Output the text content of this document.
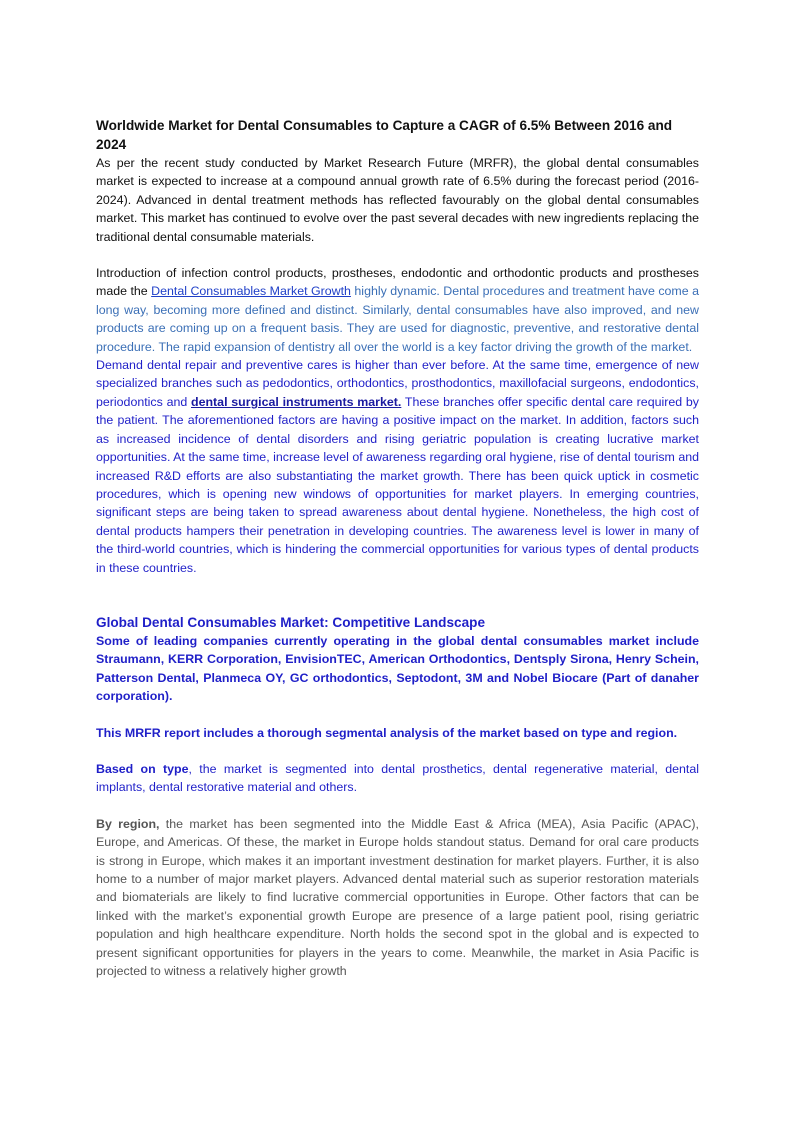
Worldwide Market for Dental Consumables to Capture a CAGR of 6.5% Between 2016 and 2024

As per the recent study conducted by Market Research Future (MRFR), the global dental consumables market is expected to increase at a compound annual growth rate of 6.5% during the forecast period (2016-2024). Advanced in dental treatment methods has reflected favourably on the global dental consumables market. This market has continued to evolve over the past several decades with new ingredients replacing the traditional dental consumable materials.

Introduction of infection control products, prostheses, endodontic and orthodontic products and prostheses made the Dental Consumables Market Growth highly dynamic. Dental procedures and treatment have come a long way, becoming more defined and distinct. Similarly, dental consumables have also improved, and new products are coming up on a frequent basis. They are used for diagnostic, preventive, and restorative dental procedure. The rapid expansion of dentistry all over the world is a key factor driving the growth of the market.

Demand dental repair and preventive cares is higher than ever before. At the same time, emergence of new specialized branches such as pedodontics, orthodontics, prosthodontics, maxillofacial surgeons, endodontics, periodontics and dental surgical instruments market. These branches offer specific dental care required by the patient. The aforementioned factors are having a positive impact on the market. In addition, factors such as increased incidence of dental disorders and rising geriatric population is creating lucrative market opportunities. At the same time, increase level of awareness regarding oral hygiene, rise of dental tourism and increased R&D efforts are also substantiating the market growth. There has been quick uptick in cosmetic procedures, which is opening new windows of opportunities for market players. In emerging countries, significant steps are being taken to spread awareness about dental hygiene. Nonetheless, the high cost of dental products hampers their penetration in developing countries. The awareness level is lower in many of the third-world countries, which is hindering the commercial opportunities for various types of dental products in these countries.

Global Dental Consumables Market: Competitive Landscape

Some of leading companies currently operating in the global dental consumables market include Straumann, KERR Corporation, EnvisionTEC, American Orthodontics, Dentsply Sirona, Henry Schein, Patterson Dental, Planmeca OY, GC orthodontics, Septodont, 3M and Nobel Biocare (Part of danaher corporation).

This MRFR report includes a thorough segmental analysis of the market based on type and region.

Based on type, the market is segmented into dental prosthetics, dental regenerative material, dental implants, dental restorative material and others.

By region, the market has been segmented into the Middle East & Africa (MEA), Asia Pacific (APAC), Europe, and Americas. Of these, the market in Europe holds standout status. Demand for oral care products is strong in Europe, which makes it an important investment destination for market players. Further, it is also home to a number of major market players. Advanced dental material such as superior restoration materials and biomaterials are likely to find lucrative commercial opportunities in Europe. Other factors that can be linked with the market’s exponential growth Europe are presence of a large patient pool, rising geriatric population and high healthcare expenditure. North holds the second spot in the global and is expected to present significant opportunities for players in the years to come. Meanwhile, the market in Asia Pacific is projected to witness a relatively higher growth
